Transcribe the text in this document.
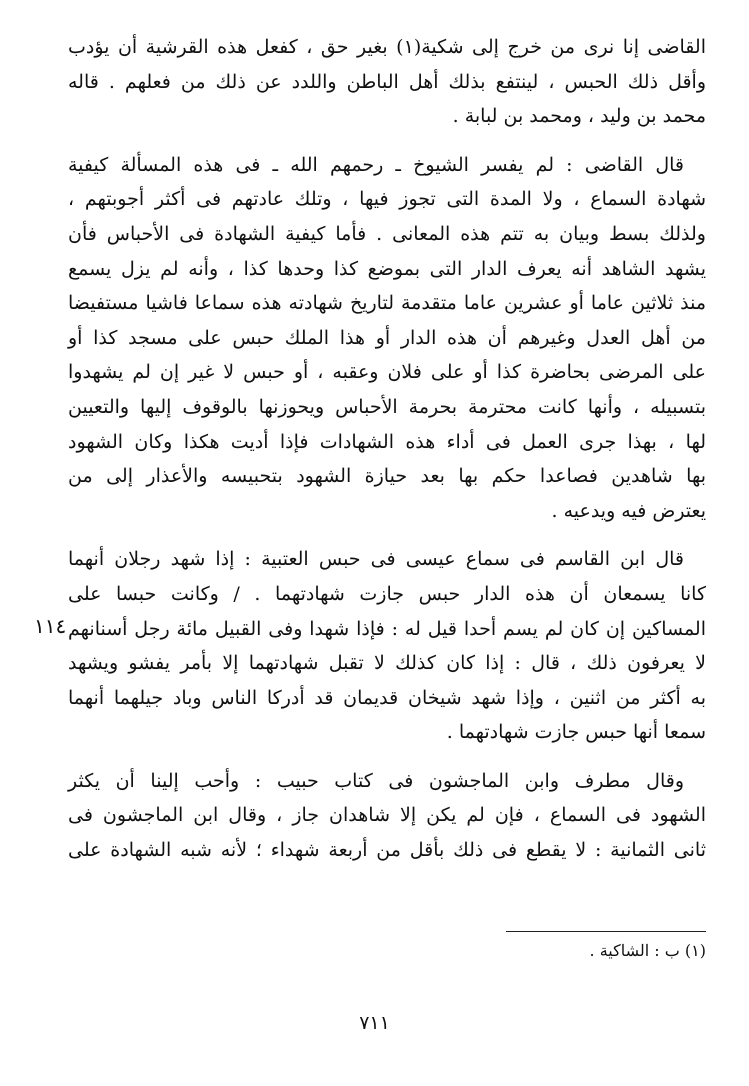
القاضى إنا نرى من خرج إلى شكية(١) بغير حق ، كفعل هذه القرشية أن يؤدب
وأقل ذلك الحبس ، لينتفع بذلك أهل الباطن واللدد عن ذلك من فعلهم . قاله
محمد بن وليد ، ومحمد بن لبابة .

قال القاضى : لم يفسر الشيوخ ـ رحمهم الله ـ فى هذه المسألة كيفية
شهادة السماع ، ولا المدة التى تجوز فيها ، وتلك عادتهم فى أكثر أجوبتهم ،
ولذلك بسط وبيان به تتم هذه المعانى . فأما كيفية الشهادة فى الأحباس فأن
يشهد الشاهد أنه يعرف الدار التى بموضع كذا وحدها كذا ، وأنه لم يزل يسمع
منذ ثلاثين عاما أو عشرين عاما متقدمة لتاريخ شهادته هذه سماعا فاشيا مستفيضا
من أهل العدل وغيرهم أن هذه الدار أو هذا الملك حبس على مسجد كذا أو
على المرضى بحاضرة كذا أو على فلان وعقبه ، أو حبس لا غير إن لم يشهدوا
بتسبيله ، وأنها كانت محترمة بحرمة الأحباس ويحوزنها بالوقوف إليها والتعيين
لها ، بهذا جرى العمل فى أداء هذه الشهادات فإذا أديت هكذا وكان الشهود
بها شاهدين فصاعدا حكم بها بعد حيازة الشهود بتحبيسه والأعذار إلى من
يعترض فيه ويدعيه .

قال ابن القاسم فى سماع عيسى فى حبس العتبية : إذا شهد رجلان أنهما
كانا يسمعان أن هذه الدار حبس جازت شهادتهما . / وكانت حبسا على
المساكين إن كان لم يسم أحدا قيل له : فإذا شهدا وفى القبيل مائة رجل أسنانهم
لا يعرفون ذلك ، قال : إذا كان كذلك لا تقبل شهادتهما إلا بأمر يفشو ويشهد
به أكثر من اثنين ، وإذا شهد شيخان قديمان قد أدركا الناس وباد جيلهما أنهما
سمعا أنها حبس جازت شهادتهما .

وقال مطرف وابن الماجشون فى كتاب حبيب : وأحب إلينا أن يكثر
الشهود فى السماع ، فإن لم يكن إلا شاهدان جاز ، وقال ابن الماجشون فى
ثانى الثمانية : لا يقطع فى ذلك بأقل من أربعة شهداء ؛ لأنه شبه الشهادة على

١١٤
(١) ب : الشاكية .
٧١١
